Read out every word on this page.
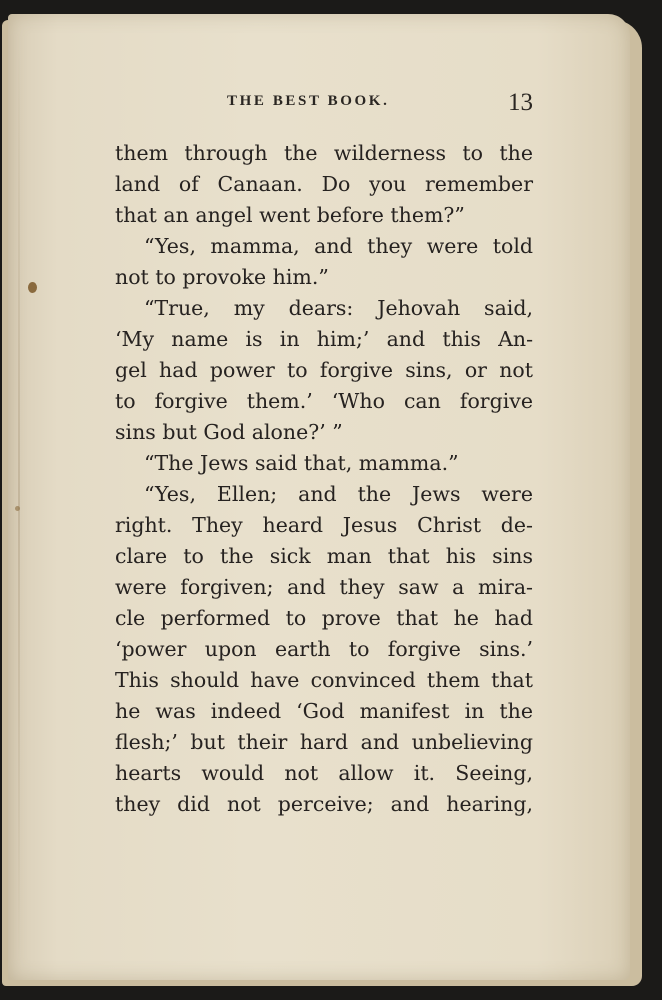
THE BEST BOOK.	13
them through the wilderness to the
land of Canaan. Do you remember
that an angel went before them?”
“Yes, mamma, and they were told
not to provoke him.”
“True, my dears: Jehovah said,
‘My name is in him;’ and this An-
gel had power to forgive sins, or not
to forgive them.’ ‘Who can forgive
sins but God alone?’ ”
“The Jews said that, mamma.”
“Yes, Ellen; and the Jews were
right. They heard Jesus Christ de-
clare to the sick man that his sins
were forgiven; and they saw a mira-
cle performed to prove that he had
‘power upon earth to forgive sins.’
This should have convinced them that
he was indeed ‘God manifest in the
flesh;’ but their hard and unbelieving
hearts would not allow it. Seeing,
they did not perceive; and hearing,
